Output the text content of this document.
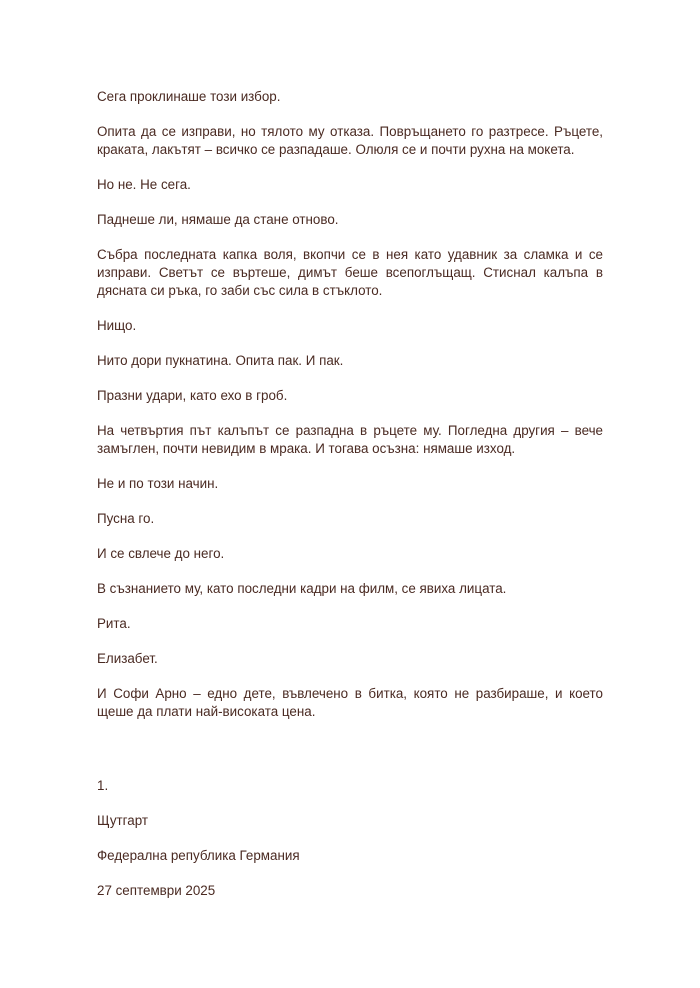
Сега проклинаше този избор.

Опита да се изправи, но тялото му отказа. Повръщането го разтресе. Ръцете, краката, лакътят – всичко се разпадаше. Олюля се и почти рухна на мокета.

Но не. Не сега.

Паднеше ли, нямаше да стане отново.

Събра последната капка воля, вкопчи се в нея като удавник за сламка и се изправи. Светът се въртеше, димът беше всепоглъщащ. Стиснал калъпа в дясната си ръка, го заби със сила в стъклото.

Нищо.

Нито дори пукнатина. Опита пак. И пак.

Празни удари, като ехо в гроб.

На четвъртия път калъпът се разпадна в ръцете му. Погледна другия – вече замъглен, почти невидим в мрака. И тогава осъзна: нямаше изход.

Не и по този начин.

Пусна го.

И се свлече до него.

В съзнанието му, като последни кадри на филм, се явиха лицата.

Рита.

Елизабет.

И Софи Арно – едно дете, въвлечено в битка, която не разбираше, и което щеше да плати най-високата цена.

1.

Щутгарт

Федерална република Германия

27 септември 2025
